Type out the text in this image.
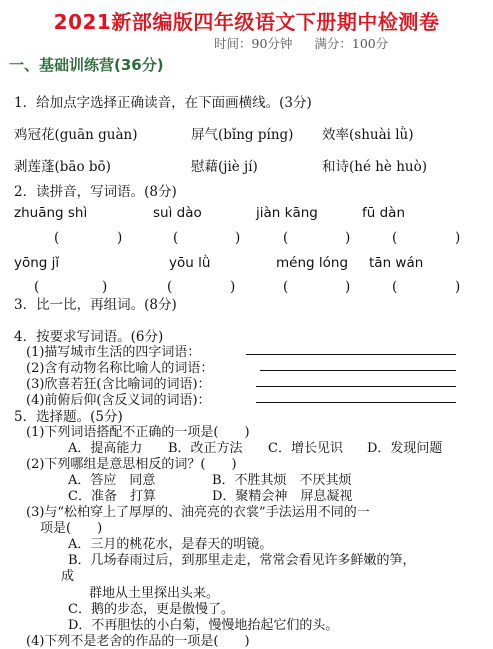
2021新部编版四年级语文下册期中检测卷
时间：90分钟 满分：100分
一、基础训练营(36分)
1．给加点字选择正确读音，在下面画横线。(3分)
鸡冠花(guān guàn)	屏气(bǐng píng) 效率(shuài lǜ)
剥莲蓬(bāo bō)	慰藉(jiè jí)	和诗(hé hè huò)
2．读拼音，写词语。(8分)
zhuāng shì	suì dào	jiàn kāng	fū dàn
(	)	(	)	(	)	(	)
yōng jǐ	yōu lǜ	méng lóng tān wán
(	)	(	)	(	)	(	)
3．比一比，再组词。(8分)
4．按要求写词语。(6分)
(1)描写城市生活的四字词语：
(2)含有动物名称比喻人的词语：
(3)欣喜若狂(含比喻词的词语)：
(4)前俯后仰(含反义词的词语)：
5．选择题。(5分)
(1)下列词语搭配不正确的一项是(　　)
A．提高能力 B．改正方法 C．增长见识 D．发现问题
(2)下列哪组是意思相反的词？(　　)
A．答应　同意	B．不胜其烦　不厌其烦
C．准备　打算	D．聚精会神　屏息凝视
(3)与“松柏穿上了厚厚的、油亮亮的衣裳”手法运用不同的一
项是(　　)
A．三月的桃花水，是春天的明镜。
B．几场春雨过后，到那里走走，常常会看见许多鲜嫩的笋，
成
群地从土里探出头来。
C．鹅的步态，更是傲慢了。
D．不再胆怯的小白菊，慢慢地抬起它们的头。
(4)下列不是老舍的作品的一项是(　　)
